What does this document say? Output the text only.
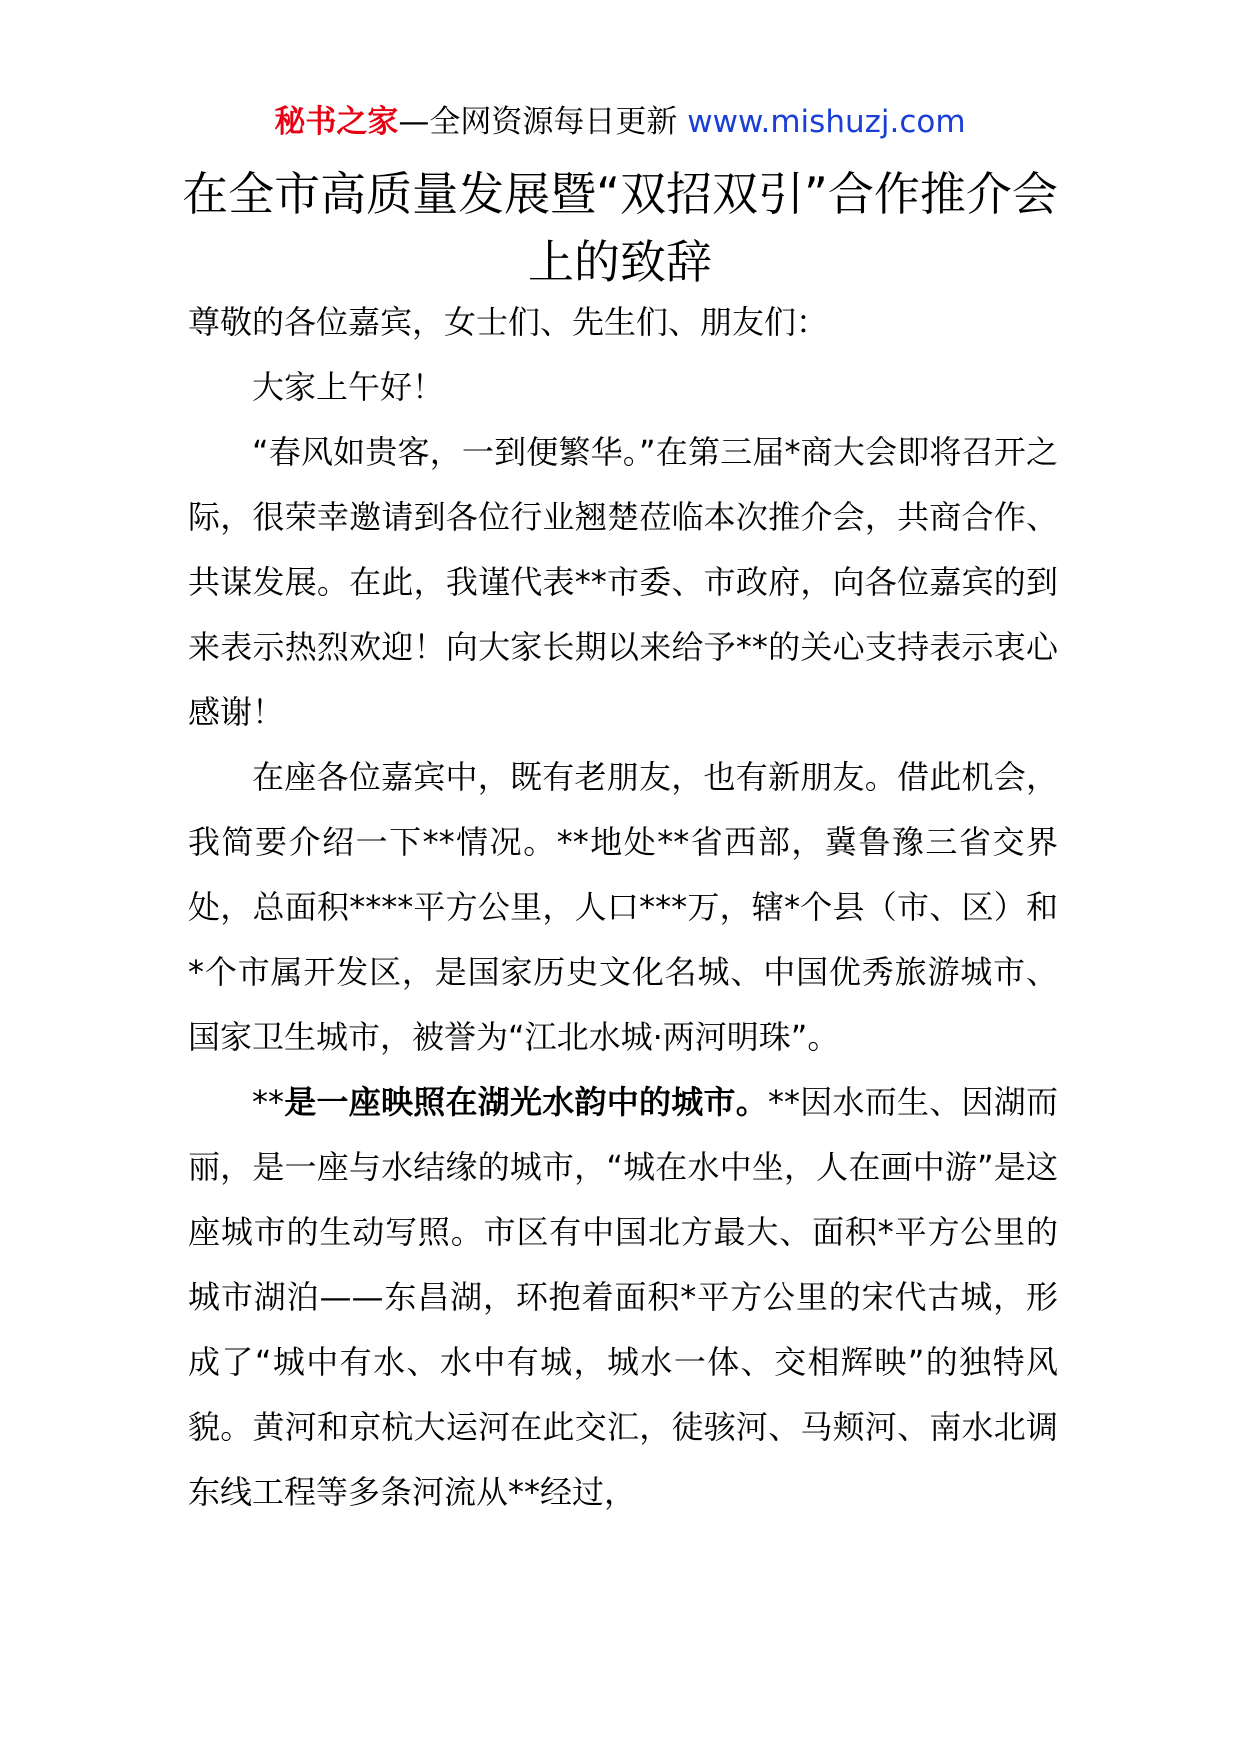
秘书之家—全网资源每日更新 www.mishuzj.com
在全市高质量发展暨“双招双引”合作推介会上的致辞

尊敬的各位嘉宾，女士们、先生们、朋友们：

大家上午好！

“春风如贵客，一到便繁华。”在第三届*商大会即将召开之际，很荣幸邀请到各位行业翘楚莅临本次推介会，共商合作、共谋发展。在此，我谨代表**市委、市政府，向各位嘉宾的到来表示热烈欢迎！向大家长期以来给予**的关心支持表示衷心感谢！

在座各位嘉宾中，既有老朋友，也有新朋友。借此机会，我简要介绍一下**情况。**地处**省西部，冀鲁豫三省交界处，总面积****平方公里，人口***万，辖*个县（市、区）和*个市属开发区，是国家历史文化名城、中国优秀旅游城市、国家卫生城市，被誉为“江北水城·两河明珠”。

**是一座映照在湖光水韵中的城市。**因水而生、因湖而丽，是一座与水结缘的城市，“城在水中坐，人在画中游”是这座城市的生动写照。市区有中国北方最大、面积*平方公里的城市湖泊——东昌湖，环抱着面积*平方公里的宋代古城，形成了“城中有水、水中有城，城水一体、交相辉映”的独特风貌。黄河和京杭大运河在此交汇，徒骇河、马颊河、南水北调东线工程等多条河流从**经过，
